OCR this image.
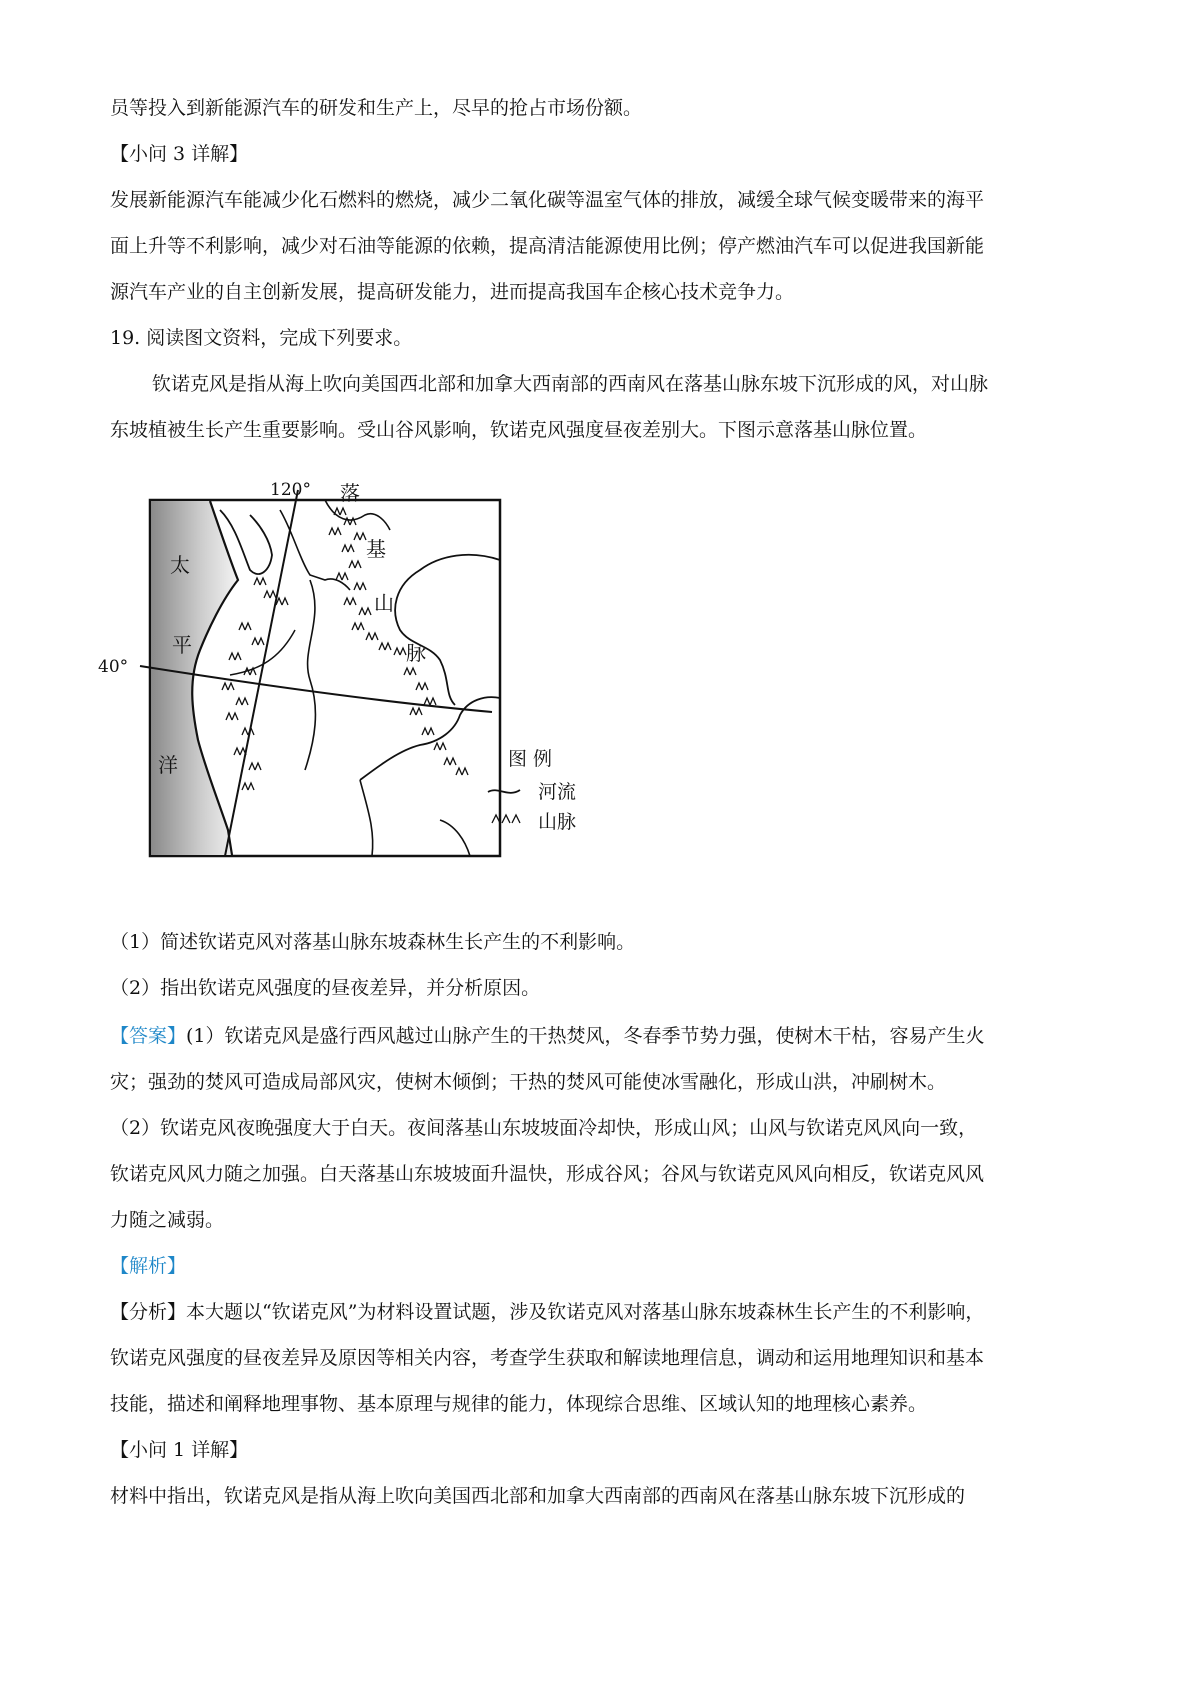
员等投入到新能源汽车的研发和生产上，尽早的抢占市场份额。
【小问 3 详解】
发展新能源汽车能减少化石燃料的燃烧，减少二氧化碳等温室气体的排放，减缓全球气候变暖带来的海平
面上升等不利影响，减少对石油等能源的依赖，提高清洁能源使用比例；停产燃油汽车可以促进我国新能
源汽车产业的自主创新发展，提高研发能力，进而提高我国车企核心技术竞争力。
19. 阅读图文资料，完成下列要求。
钦诺克风是指从海上吹向美国西北部和加拿大西南部的西南风在落基山脉东坡下沉形成的风，对山脉
东坡植被生长产生重要影响。受山谷风影响，钦诺克风强度昼夜差别大。下图示意落基山脉位置。
120°
40°
太
平
洋
落
基
山
脉
图 例
河流
山脉
（1）简述钦诺克风对落基山脉东坡森林生长产生的不利影响。
（2）指出钦诺克风强度的昼夜差异，并分析原因。
【答案】(1）钦诺克风是盛行西风越过山脉产生的干热焚风，冬春季节势力强，使树木干枯，容易产生火
灾；强劲的焚风可造成局部风灾，使树木倾倒；干热的焚风可能使冰雪融化，形成山洪，冲刷树木。
（2）钦诺克风夜晚强度大于白天。夜间落基山东坡坡面冷却快，形成山风；山风与钦诺克风风向一致，
钦诺克风风力随之加强。白天落基山东坡坡面升温快，形成谷风；谷风与钦诺克风风向相反，钦诺克风风
力随之减弱。
【解析】
【分析】本大题以“钦诺克风”为材料设置试题，涉及钦诺克风对落基山脉东坡森林生长产生的不利影响，
钦诺克风强度的昼夜差异及原因等相关内容，考查学生获取和解读地理信息，调动和运用地理知识和基本
技能，描述和阐释地理事物、基本原理与规律的能力，体现综合思维、区域认知的地理核心素养。
【小问 1 详解】
材料中指出，钦诺克风是指从海上吹向美国西北部和加拿大西南部的西南风在落基山脉东坡下沉形成的
